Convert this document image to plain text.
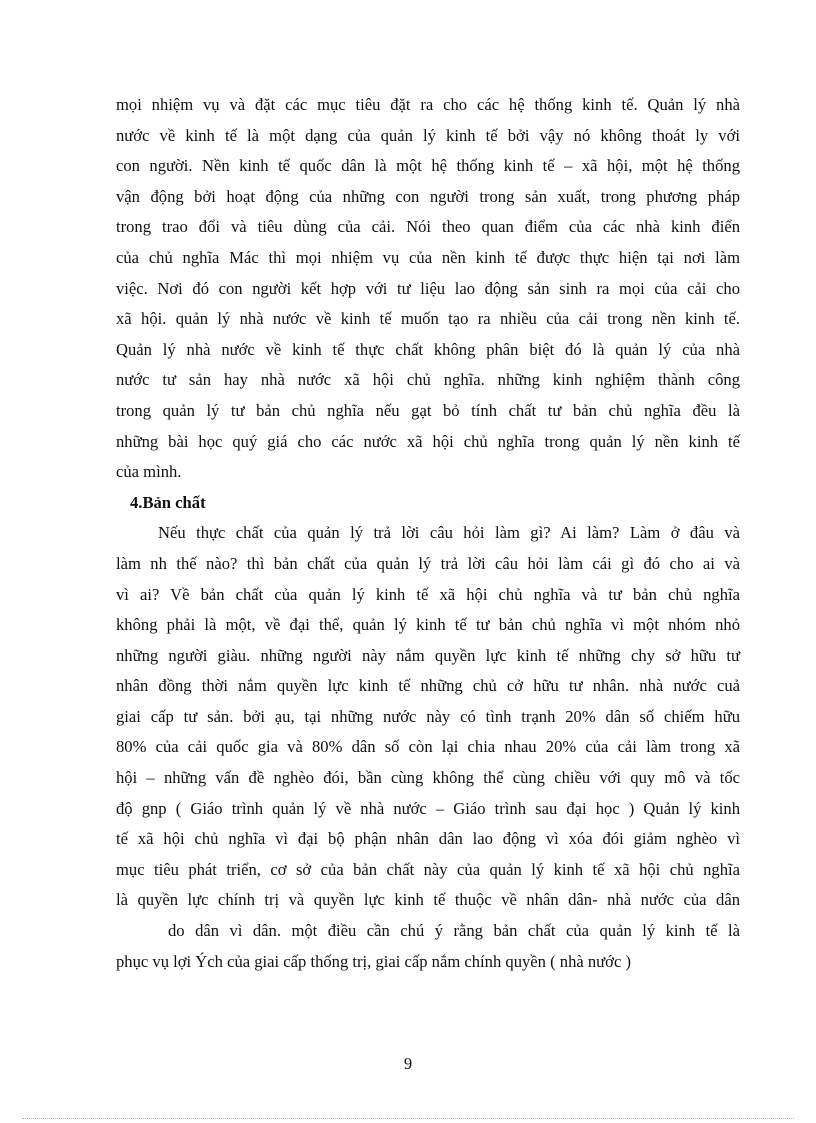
mọi nhiệm vụ và đặt các mục tiêu đặt ra cho các hệ thống kinh tế. Quản lý nhà
nước về kinh tế là một dạng của quản lý kinh tế bởi vậy nó không thoát ly với
con người. Nền kinh tế quốc dân là một hệ thống kinh tế – xã hội, một hệ thống
vận động bởi hoạt động của những con người trong sản xuất, trong phương pháp
trong trao đổi và tiêu dùng của cải. Nói theo quan điểm của các nhà kinh điển
của chủ nghĩa Mác thì mọi nhiệm vụ của nền kinh tế được thực hiện tại nơi làm
việc. Nơi đó con người kết hợp với tư liệu lao động sản sinh ra mọi của cải cho
xã hội. quản lý nhà nước về kinh tế muốn tạo ra nhiều của cải trong nền kinh tế.
Quản lý nhà nước về kinh tế thực chất không phân biệt đó là quản lý của nhà
nước tư sản hay nhà nước xã hội chủ nghĩa. những kinh nghiệm thành công
trong quản lý tư bản chủ nghĩa nếu gạt bỏ tính chất tư bản chủ nghĩa đều là
những bài học quý giá cho các nước xã hội chủ nghĩa trong quản lý nền kinh tế
của mình.
4.Bản chất
Nếu thực chất của quản lý trả lời câu hỏi làm gì? Ai làm? Làm ở đâu và
làm nh thế nào? thì bản chất của quản lý trả lời câu hỏi làm cái gì đó cho ai và
vì ai? Về bản chất của quản lý kinh tế xã hội chủ nghĩa và tư bản chủ nghĩa
không phải là một, về đại thể, quản lý kinh tế tư bản chủ nghĩa vì một nhóm nhỏ
những người giàu. những người này nắm quyền lực kinh tế những chy sở hữu tư
nhân đồng thời nắm quyền lực kinh tế những chủ cở hữu tư nhân. nhà nước cuả
giai cấp tư sản. bởi ạu, tại những nước này có tình trạnh 20% dân số chiếm hữu
80% của cải quốc gia và 80% dân số còn lại chia nhau 20% của cải làm trong xã
hội – những vấn đề nghèo đói, bần cùng không thể cùng chiều với quy mô và tốc
độ gnp ( Giáo trình quản lý về nhà nước – Giáo trình sau đại học ) Quản lý kinh
tế xã hội chủ nghĩa vì đại bộ phận nhân dân lao động vì xóa đói giảm nghèo vì
mục tiêu phát triển, cơ sở của bản chất này của quản lý kinh tế xã hội chủ nghĩa
là quyền lực chính trị và quyền lực kinh tế thuộc về nhân dân- nhà nước của dân
do dân vì dân. một điều cần chú ý rằng bản chất của quản lý kinh tế là
phục vụ lợi Ých của giai cấp thống trị, giai cấp nắm chính quyền ( nhà nước )
9
